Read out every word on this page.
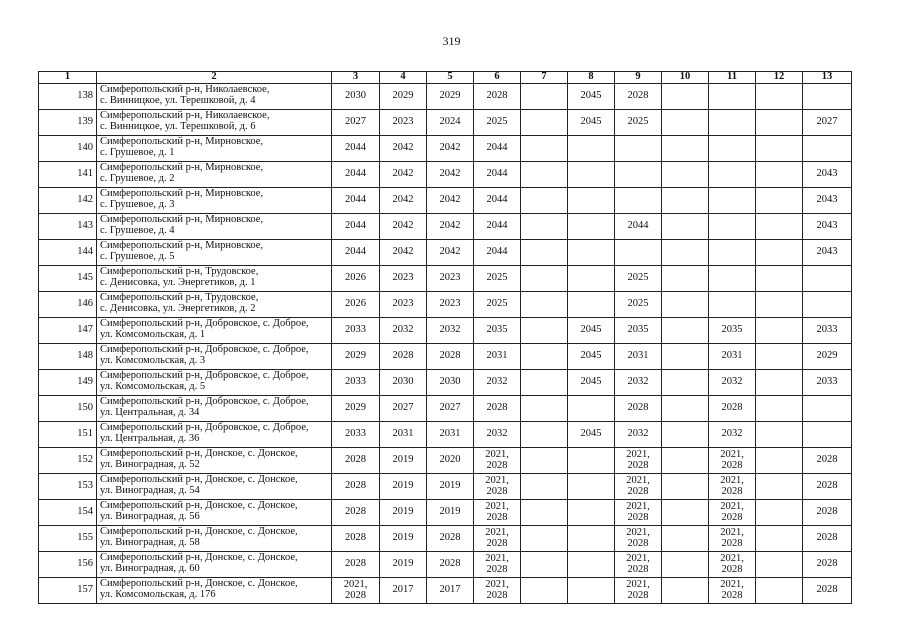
319
1	2	3	4	5	6	7	8	9	10	11	12	13
138	Симферопольский р-н, Николаевское,
с. Винницкое, ул. Терешковой, д. 4	2030	2029	2029	2028		2045	2028				
139	Симферопольский р-н, Николаевское,
с. Винницкое, ул. Терешковой, д. 6	2027	2023	2024	2025		2045	2025				2027
140	Симферопольский р-н, Мирновское,
с. Грушевое, д. 1	2044	2042	2042	2044							
141	Симферопольский р-н, Мирновское,
с. Грушевое, д. 2	2044	2042	2042	2044							2043
142	Симферопольский р-н, Мирновское,
с. Грушевое, д. 3	2044	2042	2042	2044							2043
143	Симферопольский р-н, Мирновское,
с. Грушевое, д. 4	2044	2042	2042	2044			2044				2043
144	Симферопольский р-н, Мирновское,
с. Грушевое, д. 5	2044	2042	2042	2044							2043
145	Симферопольский р-н, Трудовское,
с. Денисовка, ул. Энергетиков, д. 1	2026	2023	2023	2025			2025				
146	Симферопольский р-н, Трудовское,
с. Денисовка, ул. Энергетиков, д. 2	2026	2023	2023	2025			2025				
147	Симферопольский р-н, Добровское, с. Доброе,
ул. Комсомольская, д. 1	2033	2032	2032	2035		2045	2035		2035		2033
148	Симферопольский р-н, Добровское, с. Доброе,
ул. Комсомольская, д. 3	2029	2028	2028	2031		2045	2031		2031		2029
149	Симферопольский р-н, Добровское, с. Доброе,
ул. Комсомольская, д. 5	2033	2030	2030	2032		2045	2032		2032		2033
150	Симферопольский р-н, Добровское, с. Доброе,
ул. Центральная, д. 34	2029	2027	2027	2028			2028		2028		
151	Симферопольский р-н, Добровское, с. Доброе,
ул. Центральная, д. 36	2033	2031	2031	2032		2045	2032		2032		
152	Симферопольский р-н, Донское, с. Донское,
ул. Виноградная, д. 52	2028	2019	2020	2021,
2028			2021,
2028		2021,
2028		2028
153	Симферопольский р-н, Донское, с. Донское,
ул. Виноградная, д. 54	2028	2019	2019	2021,
2028			2021,
2028		2021,
2028		2028
154	Симферопольский р-н, Донское, с. Донское,
ул. Виноградная, д. 56	2028	2019	2019	2021,
2028			2021,
2028		2021,
2028		2028
155	Симферопольский р-н, Донское, с. Донское,
ул. Виноградная, д. 58	2028	2019	2028	2021,
2028			2021,
2028		2021,
2028		2028
156	Симферопольский р-н, Донское, с. Донское,
ул. Виноградная, д. 60	2028	2019	2028	2021,
2028			2021,
2028		2021,
2028		2028
157	Симферопольский р-н, Донское, с. Донское,
ул. Комсомольская, д. 176	2021,
2028	2017	2017	2021,
2028			2021,
2028		2021,
2028		2028
